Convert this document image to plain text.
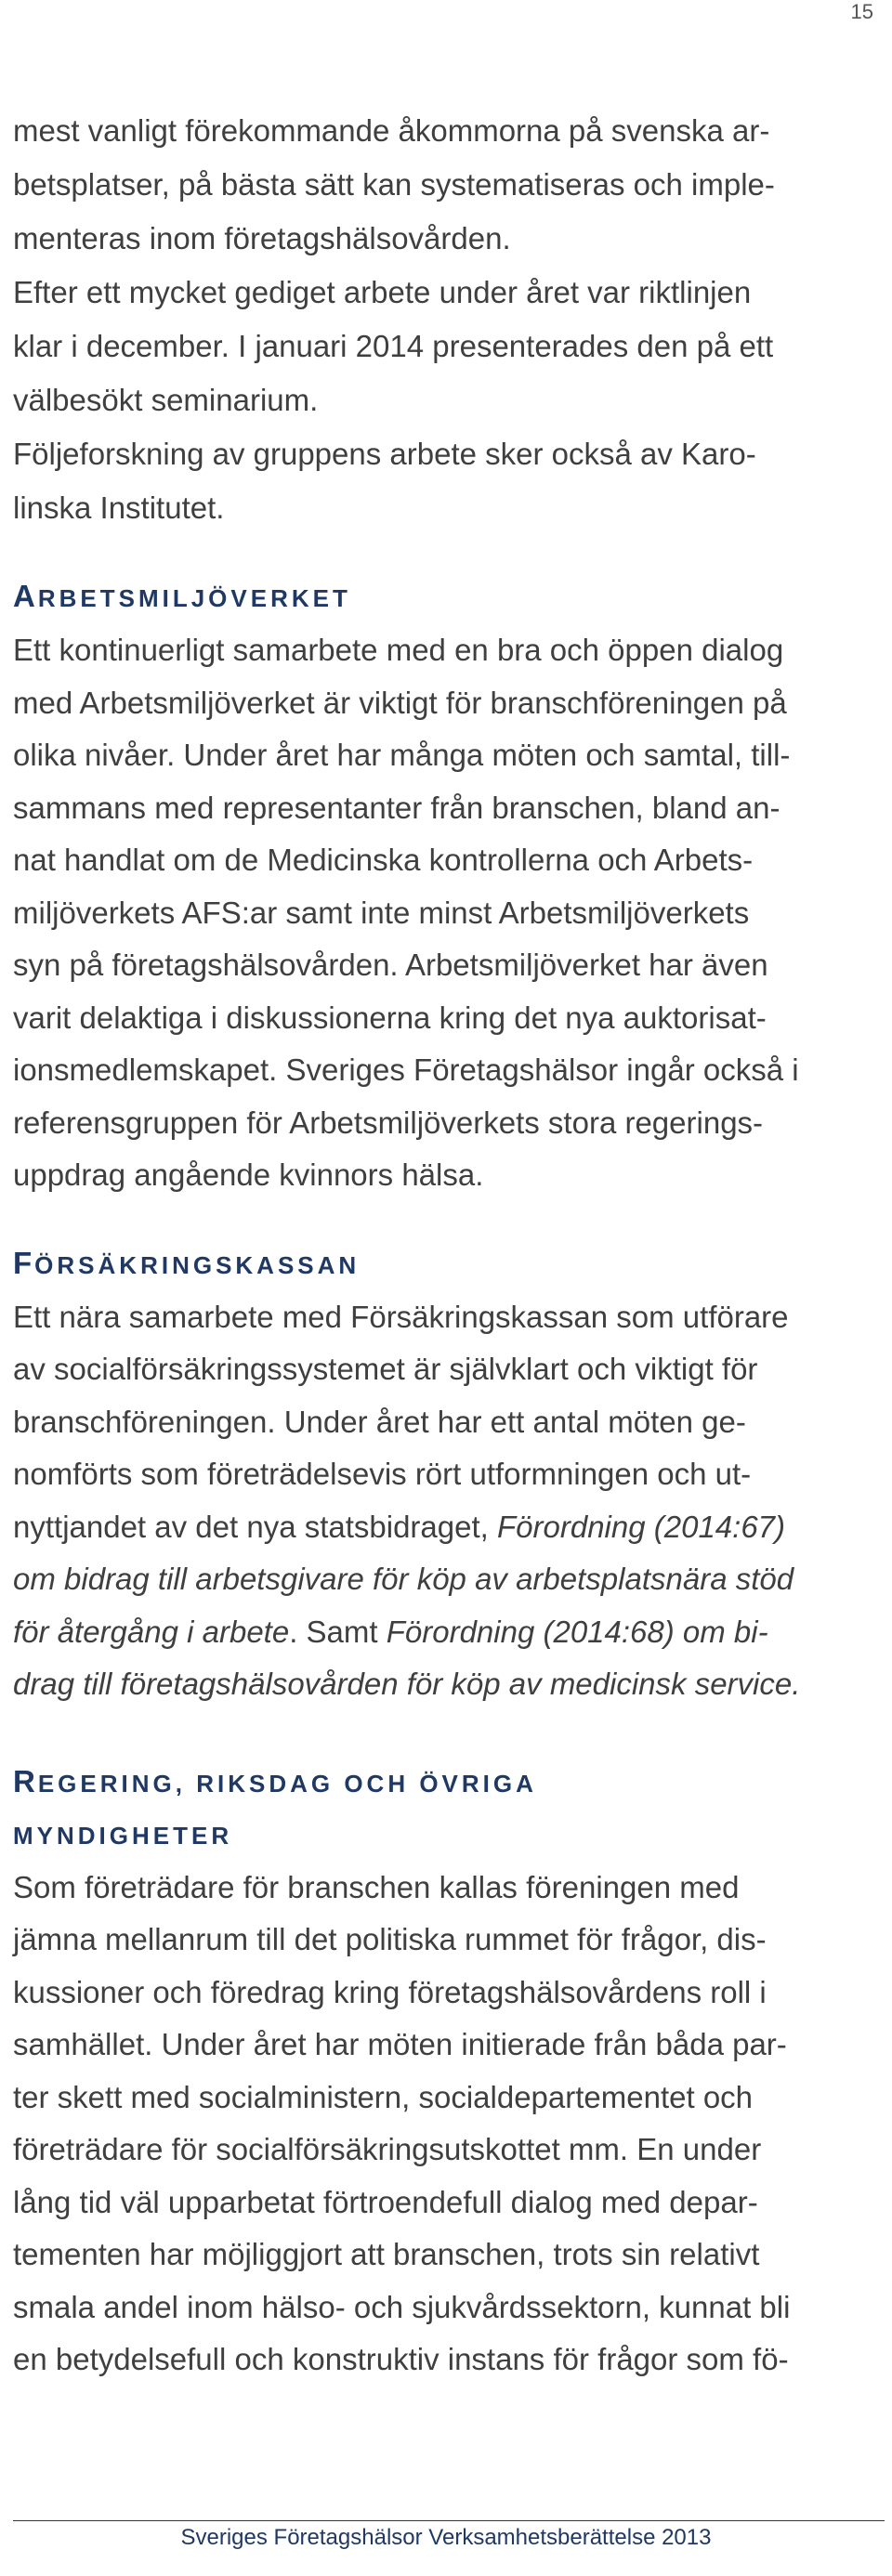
15

mest vanligt förekommande åkommorna på svenska ar-

betsplatser, på bästa sätt kan systematiseras och imple-

menteras inom företagshälsovården.

Efter ett mycket gediget arbete under året var riktlinjen

klar i december. I januari 2014 presenterades den på ett

välbesökt seminarium.

Följeforskning av gruppens arbete sker också av Karo-

linska Institutet.

ARBETSMILJÖVERKET

Ett kontinuerligt samarbete med en bra och öppen dialog

med Arbetsmiljöverket är viktigt för branschföreningen på

olika nivåer. Under året har många möten och samtal, till-

sammans med representanter från branschen, bland an-

nat handlat om de Medicinska kontrollerna och Arbets-

miljöverkets AFS:ar samt inte minst Arbetsmiljöverkets

syn på företagshälsovården. Arbetsmiljöverket har även

varit delaktiga i diskussionerna kring det nya auktorisat-

ionsmedlemskapet. Sveriges Företagshälsor ingår också i

referensgruppen för Arbetsmiljöverkets stora regerings-

uppdrag angående kvinnors hälsa.

FÖRSÄKRINGSKASSAN

Ett nära samarbete med Försäkringskassan som utförare

av socialförsäkringssystemet är självklart och viktigt för

branschföreningen. Under året har ett antal möten ge-

nomförts som företrädelsevis rört utformningen och ut-

nyttjandet av det nya statsbidraget, Förordning (2014:67)

om bidrag till arbetsgivare för köp av arbetsplatsnära stöd

för återgång i arbete. Samt Förordning (2014:68) om bi-

drag till företagshälsovården för köp av medicinsk service.

REGERING, RIKSDAG OCH ÖVRIGA
MYNDIGHETER

Som företrädare för branschen kallas föreningen med

jämna mellanrum till det politiska rummet för frågor, dis-

kussioner och föredrag kring företagshälsovårdens roll i

samhället. Under året har möten initierade från båda par-

ter skett med socialministern, socialdepartementet och

företrädare för socialförsäkringsutskottet mm. En under

lång tid väl upparbetat förtroendefull dialog med depar-

tementen har möjliggjort att branschen, trots sin relativt

smala andel inom hälso- och sjukvårdssektorn, kunnat bli

en betydelsefull och konstruktiv instans för frågor som fö-

Sveriges Företagshälsor Verksamhetsberättelse 2013
